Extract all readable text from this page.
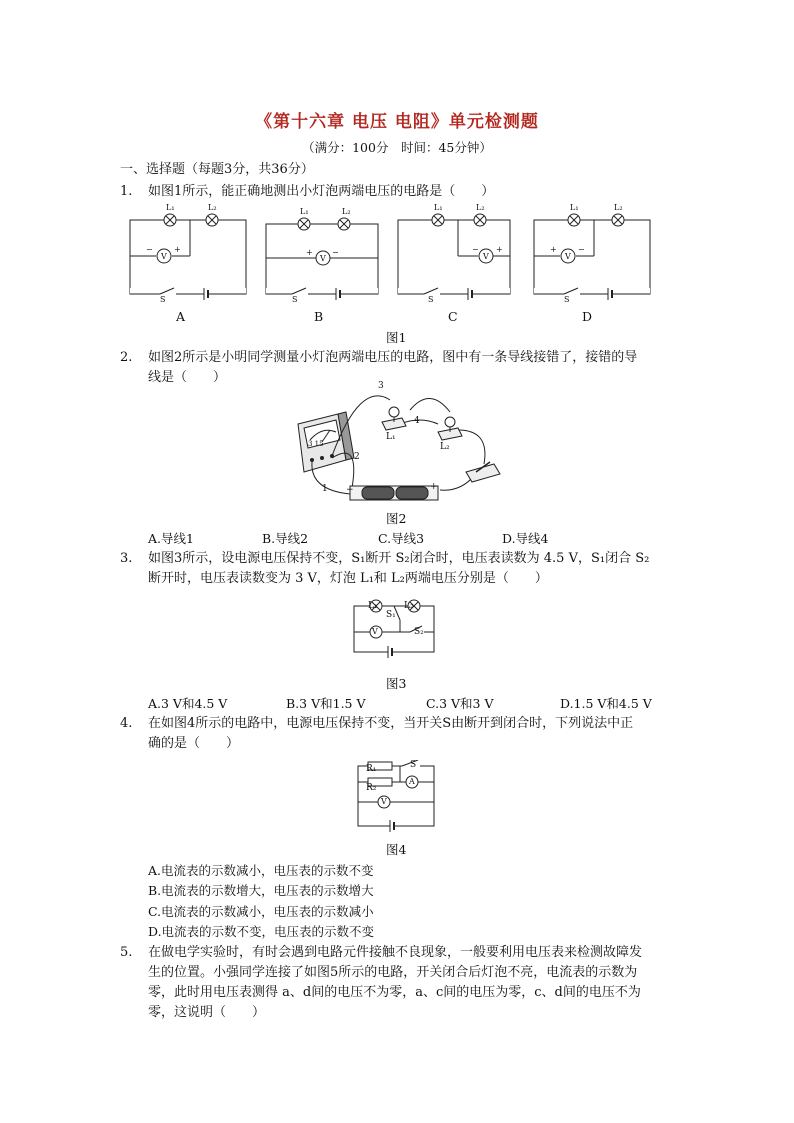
《第十六章 电压 电阻》单元检测题
（满分：100分　时间：45分钟）
一、选择题（每题3分，共36分）
1. 如图1所示，能正确地测出小灯泡两端电压的电路是（　　）
L₁	L₂
−	+
V
S
L₁	L₂
+ −
V
S
L₁	L₂
− +
V
S
L₁	L₂
+	−
V
S
A	B	C	D
图1
2. 如图2所示是小明同学测量小灯泡两端电压的电路，图中有一条导线接错了，接错的导
线是（　　）
3
4
2
1
L₁
L₂
3 15
−	+
图2
A.导线1	B.导线2	C.导线3	D.导线4
3. 如图3所示，设电源电压保持不变，S₁断开 S₂闭合时，电压表读数为 4.5 V，S₁闭合 S₂
断开时，电压表读数变为 3 V，灯泡 L₁和 L₂两端电压分别是（　　）
L₁	L₂
S₁
S₂
V
图3
A.3 V和4.5 V	B.3 V和1.5 V	C.3 V和3 V	D.1.5 V和4.5 V
4. 在如图4所示的电路中，电源电压保持不变，当开关S由断开到闭合时，下列说法中正
确的是（　　）
R₁
R₂
S
A
V
图4
A.电流表的示数减小，电压表的示数不变
B.电流表的示数增大，电压表的示数增大
C.电流表的示数减小，电压表的示数减小
D.电流表的示数不变，电压表的示数不变
5. 在做电学实验时，有时会遇到电路元件接触不良现象，一般要利用电压表来检测故障发
生的位置。小强同学连接了如图5所示的电路，开关闭合后灯泡不亮，电流表的示数为
零，此时用电压表测得 a、d间的电压不为零，a、c间的电压为零，c、d间的电压不为
零，这说明（　　）
